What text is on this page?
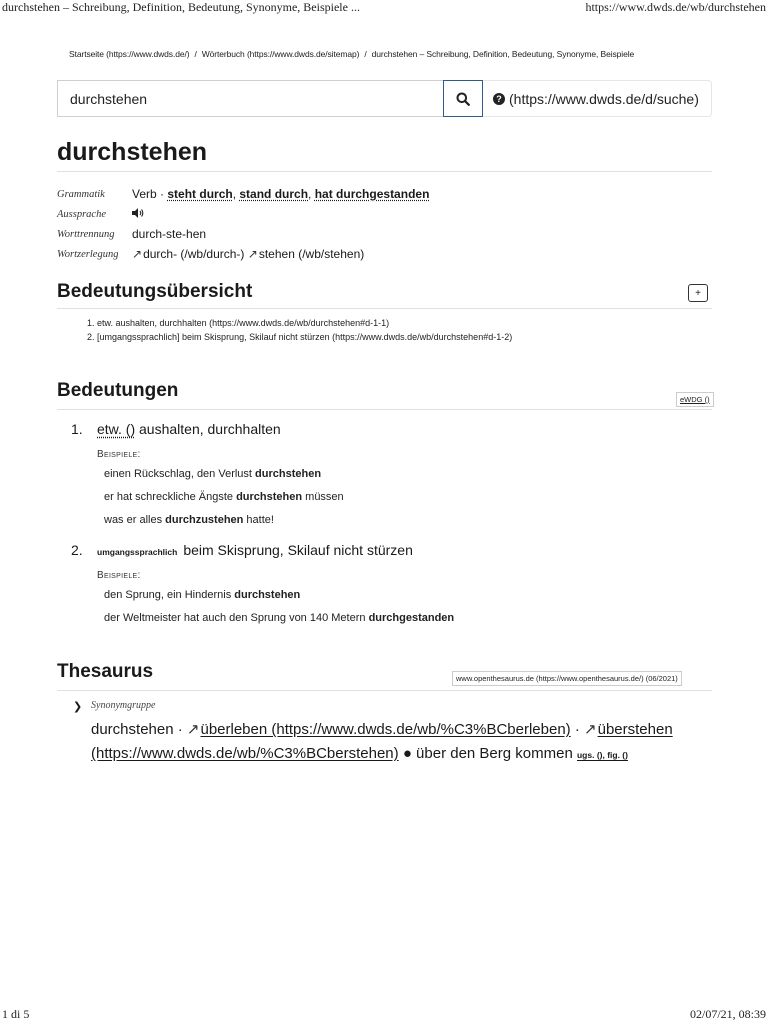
durchstehen – Schreibung, Definition, Bedeutung, Synonyme, Beispiele ...	https://www.dwds.de/wb/durchstehen
Startseite (https://www.dwds.de/) / Wörterbuch (https://www.dwds.de/sitemap) / durchstehen – Schreibung, Definition, Bedeutung, Synonyme, Beispiele
durchstehen
? (https://www.dwds.de/d/suche)
durchstehen
Grammatik	Verb · steht durch, stand durch, hat durchgestanden
Aussprache
Worttrennung	durch-ste-hen
Wortzerlegung	↗durch- (/wb/durch-) ↗stehen (/wb/stehen)
Bedeutungsübersicht	+
1. etw. aushalten, durchhalten (https://www.dwds.de/wb/durchstehen#d-1-1)
2. [umgangssprachlich] beim Skisprung, Skilauf nicht stürzen (https://www.dwds.de/wb/durchstehen#d-1-2)
Bedeutungen	eWDG ()
1. etw. () aushalten, durchhalten
Beispiele:
einen Rückschlag, den Verlust durchstehen
er hat schreckliche Ängste durchstehen müssen
was er alles durchzustehen hatte!
2. umgangssprachlich beim Skisprung, Skilauf nicht stürzen
Beispiele:
den Sprung, ein Hindernis durchstehen
der Weltmeister hat auch den Sprung von 140 Metern durchgestanden
Thesaurus	www.openthesaurus.de (https://www.openthesaurus.de/) (06/2021)
❯ Synonymgruppe
durchstehen · ↗überleben (https://www.dwds.de/wb/%C3%BCberleben) · ↗überstehen (https://www.dwds.de/wb/%C3%BCberstehen) ● über den Berg kommen ugs. (), fig. ()
1 di 5	02/07/21, 08:39
